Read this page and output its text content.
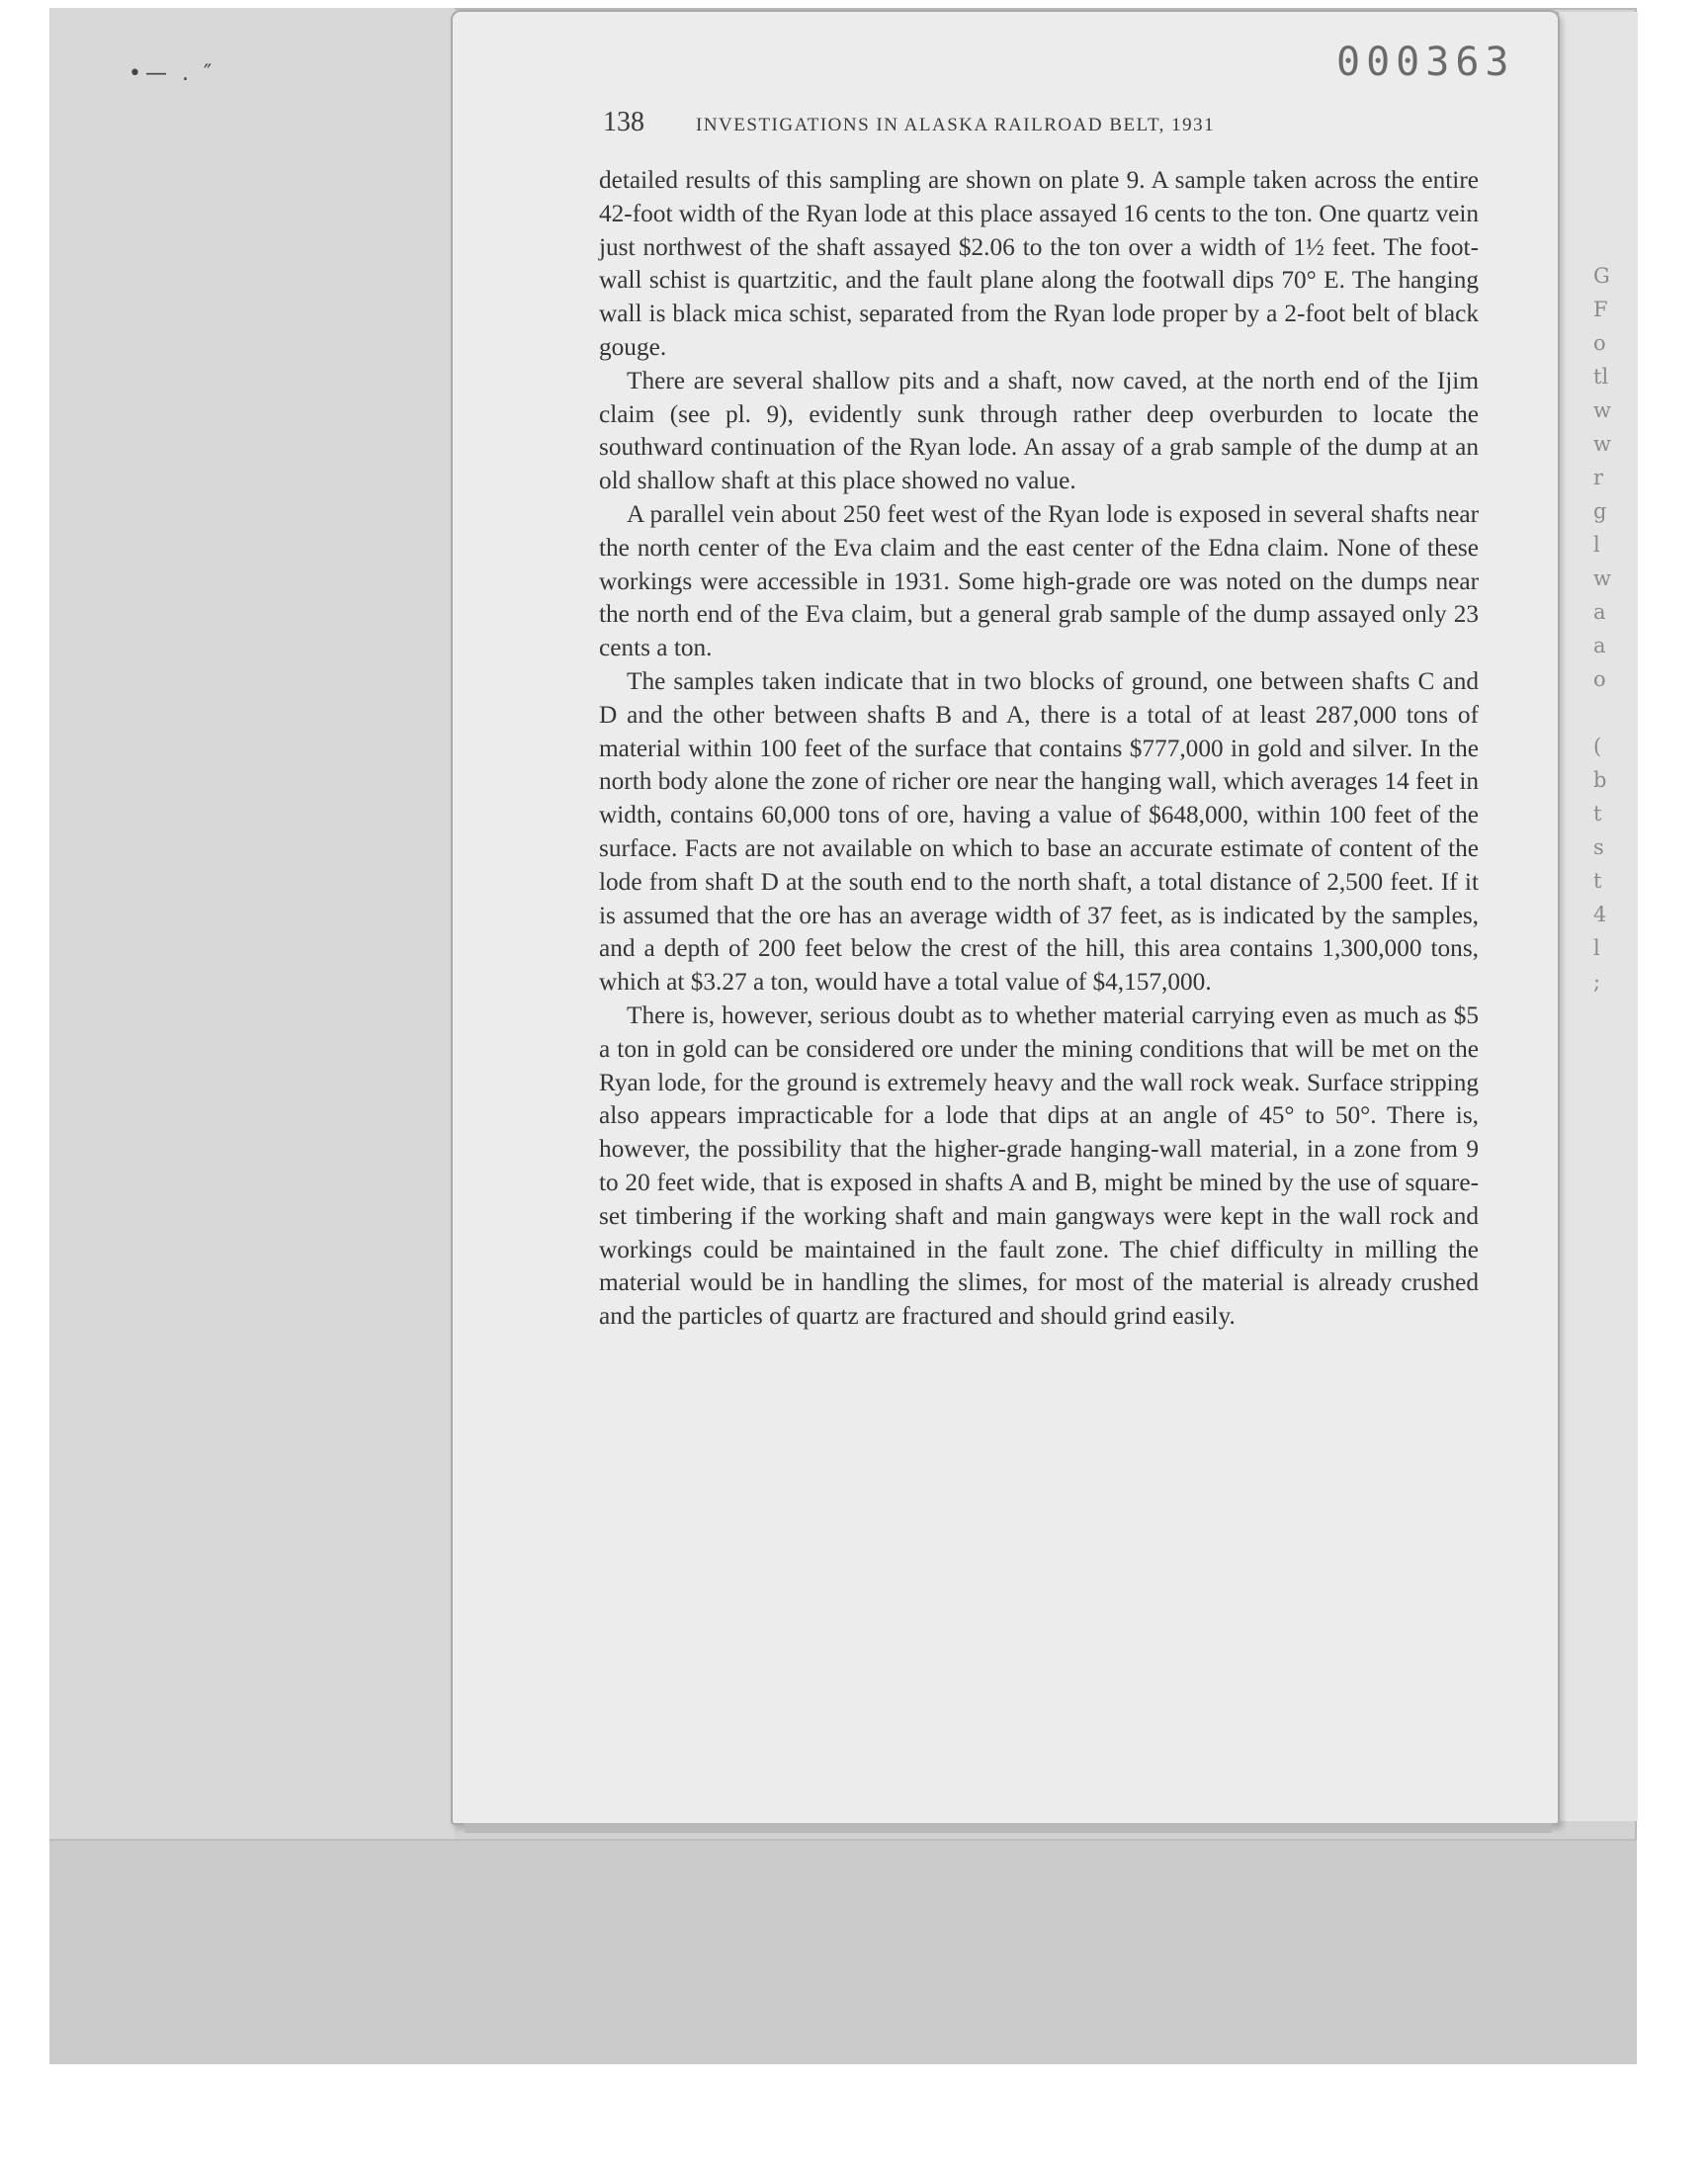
•— . ″
G
F
o
tl
w
w
r
g
l
w
a
a
o

(
b
t
s
t
4
l
;
000363
138	INVESTIGATIONS IN ALASKA RAILROAD BELT, 1931

detailed results of this sampling are shown on plate 9. A sample taken across the entire 42-foot width of the Ryan lode at this place assayed 16 cents to the ton. One quartz vein just northwest of the shaft assayed $2.06 to the ton over a width of 1½ feet. The foot-wall schist is quartzitic, and the fault plane along the footwall dips 70° E. The hanging wall is black mica schist, separated from the Ryan lode proper by a 2-foot belt of black gouge.

There are several shallow pits and a shaft, now caved, at the north end of the Ijim claim (see pl. 9), evidently sunk through rather deep overburden to locate the southward continuation of the Ryan lode. An assay of a grab sample of the dump at an old shallow shaft at this place showed no value.

A parallel vein about 250 feet west of the Ryan lode is exposed in several shafts near the north center of the Eva claim and the east center of the Edna claim. None of these workings were accessible in 1931. Some high-grade ore was noted on the dumps near the north end of the Eva claim, but a general grab sample of the dump assayed only 23 cents a ton.

The samples taken indicate that in two blocks of ground, one between shafts C and D and the other between shafts B and A, there is a total of at least 287,000 tons of material within 100 feet of the surface that contains $777,000 in gold and silver. In the north body alone the zone of richer ore near the hanging wall, which averages 14 feet in width, contains 60,000 tons of ore, having a value of $648,000, within 100 feet of the surface. Facts are not available on which to base an accurate estimate of content of the lode from shaft D at the south end to the north shaft, a total distance of 2,500 feet. If it is assumed that the ore has an average width of 37 feet, as is indicated by the samples, and a depth of 200 feet below the crest of the hill, this area contains 1,300,000 tons, which at $3.27 a ton, would have a total value of $4,157,000.

There is, however, serious doubt as to whether material carrying even as much as $5 a ton in gold can be considered ore under the mining conditions that will be met on the Ryan lode, for the ground is extremely heavy and the wall rock weak. Surface stripping also appears impracticable for a lode that dips at an angle of 45° to 50°. There is, however, the possibility that the higher-grade hanging-wall material, in a zone from 9 to 20 feet wide, that is exposed in shafts A and B, might be mined by the use of square-set timbering if the working shaft and main gangways were kept in the wall rock and workings could be maintained in the fault zone. The chief difficulty in milling the material would be in handling the slimes, for most of the material is already crushed and the particles of quartz are fractured and should grind easily.
